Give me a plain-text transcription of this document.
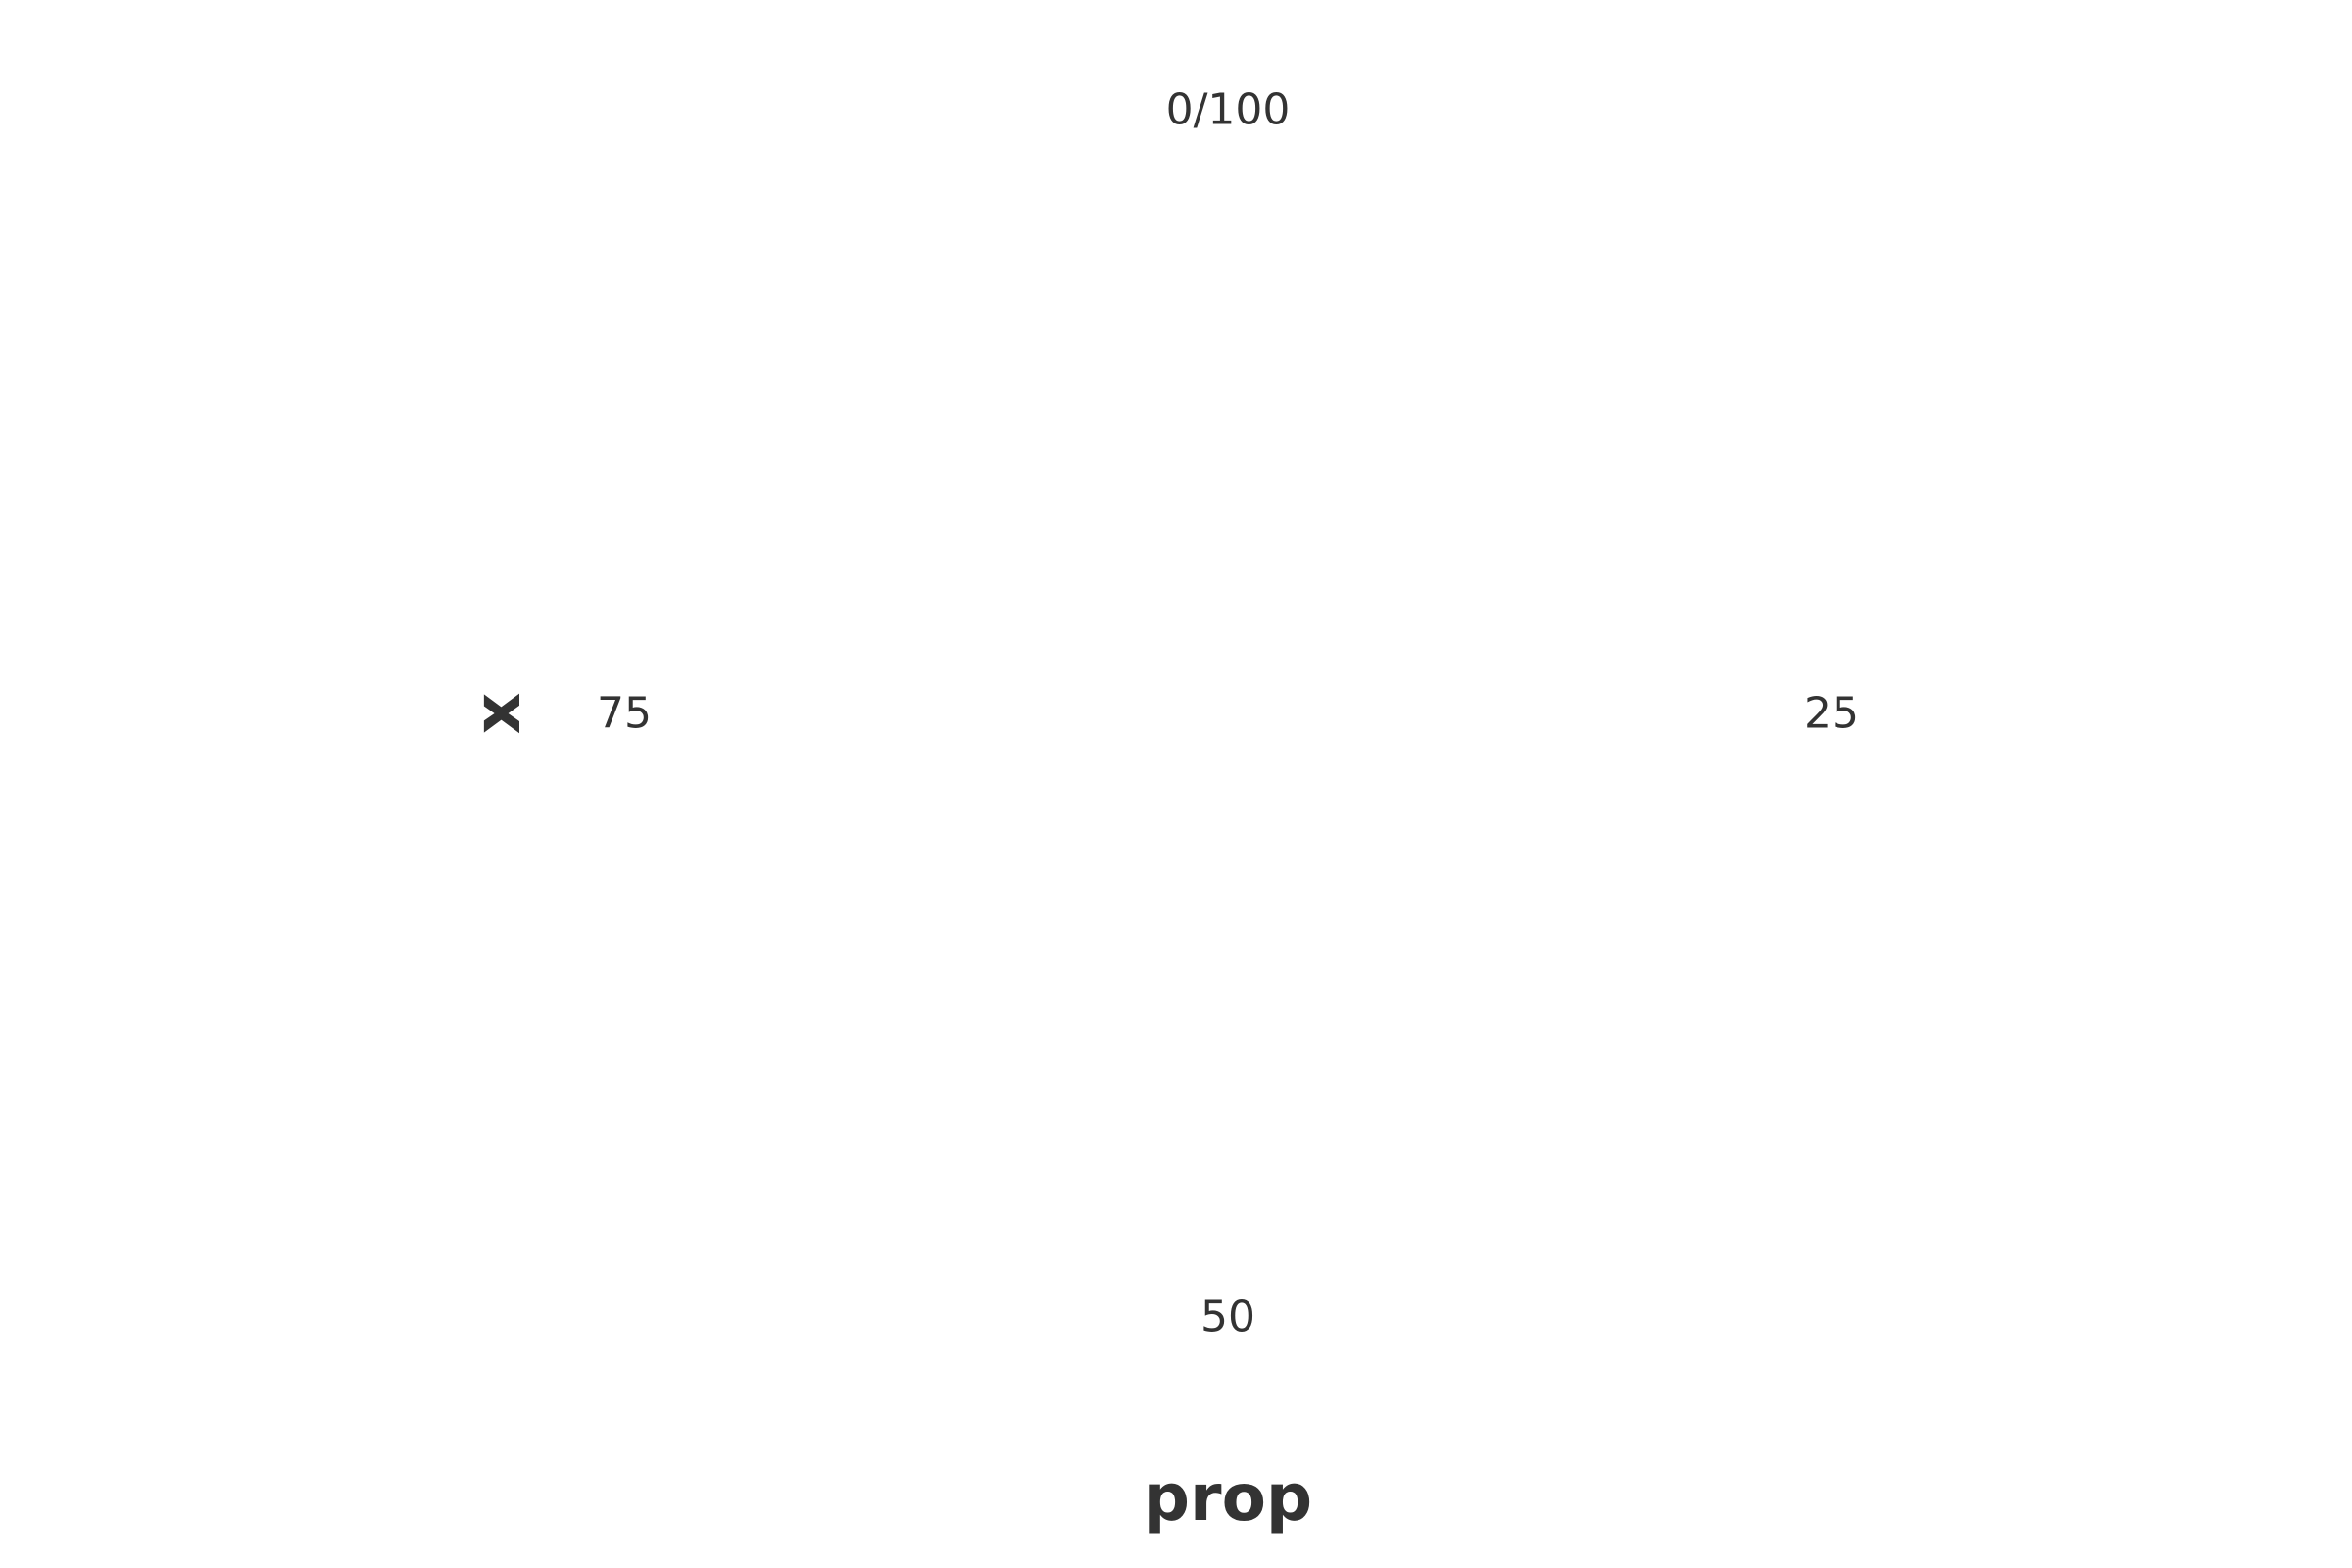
0/100
25
50
75
prop
x
